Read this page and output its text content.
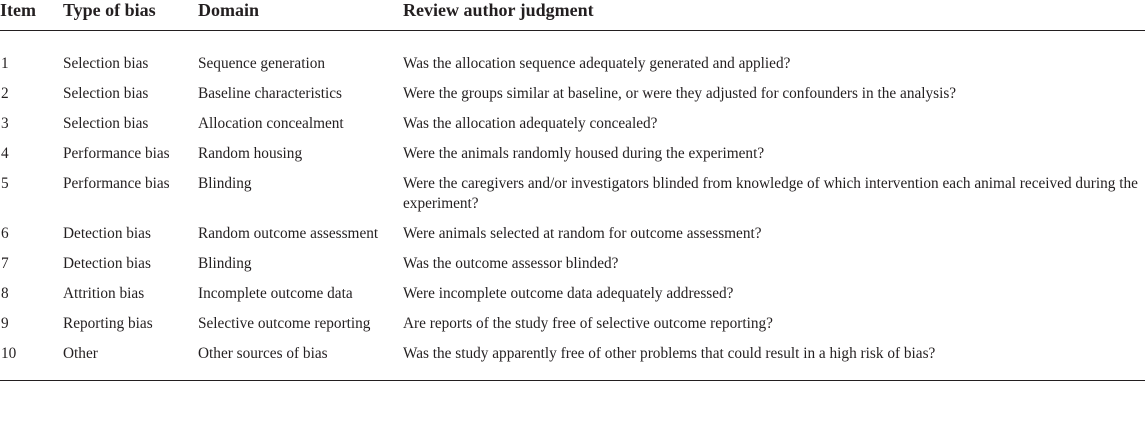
Item	Type of bias	Domain	Review author judgment
1	Selection bias	Sequence generation	Was the allocation sequence adequately generated and applied?
2	Selection bias	Baseline characteristics	Were the groups similar at baseline, or were they adjusted for confounders in the analysis?
3	Selection bias	Allocation concealment	Was the allocation adequately concealed?
4	Performance bias	Random housing	Were the animals randomly housed during the experiment?
5	Performance bias	Blinding	Were the caregivers and/or investigators blinded from knowledge of which intervention each animal received during the experiment?
6	Detection bias	Random outcome assessment	Were animals selected at random for outcome assessment?
7	Detection bias	Blinding	Was the outcome assessor blinded?
8	Attrition bias	Incomplete outcome data	Were incomplete outcome data adequately addressed?
9	Reporting bias	Selective outcome reporting	Are reports of the study free of selective outcome reporting?
10	Other	Other sources of bias	Was the study apparently free of other problems that could result in a high risk of bias?
